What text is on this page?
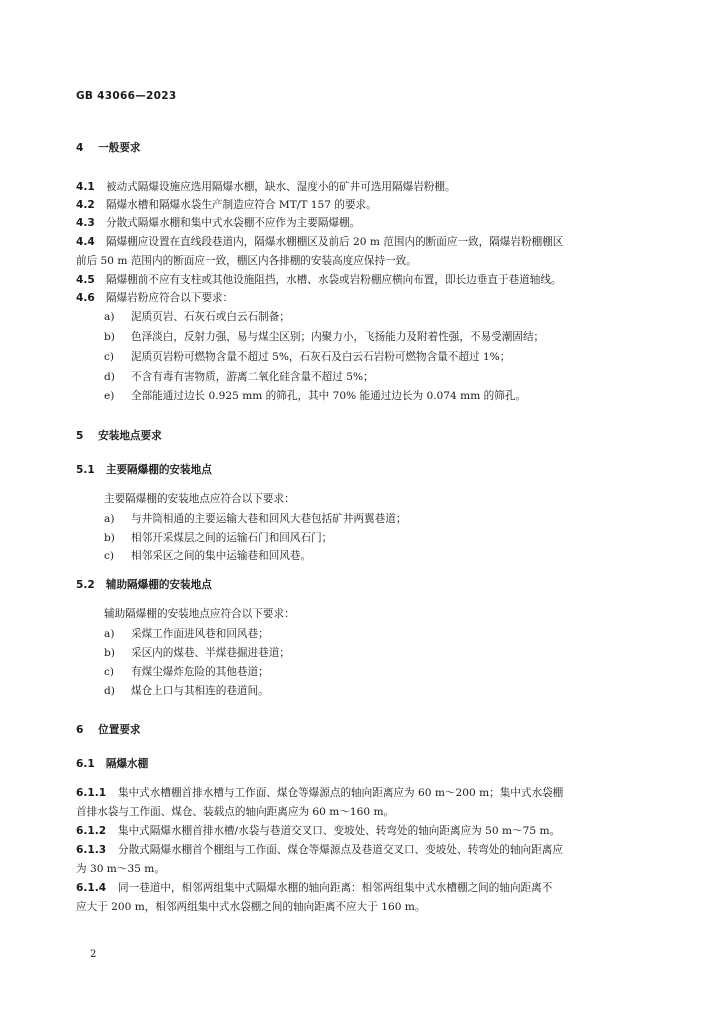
GB 43066—2023
4 一般要求
4.1 被动式隔爆设施应选用隔爆水棚，缺水、湿度小的矿井可选用隔爆岩粉棚。
4.2 隔爆水槽和隔爆水袋生产制造应符合 MT/T 157 的要求。
4.3 分散式隔爆水棚和集中式水袋棚不应作为主要隔爆棚。
4.4 隔爆棚应设置在直线段巷道内，隔爆水棚棚区及前后 20 m 范围内的断面应一致，隔爆岩粉棚棚区
前后 50 m 范围内的断面应一致，棚区内各排棚的安装高度应保持一致。
4.5 隔爆棚前不应有支柱或其他设施阻挡，水槽、水袋或岩粉棚应横向布置，即长边垂直于巷道轴线。
4.6 隔爆岩粉应符合以下要求：
a) 泥质页岩、石灰石或白云石制备；
b) 色泽淡白，反射力强，易与煤尘区别；内聚力小，飞扬能力及附着性强，不易受潮固结；
c) 泥质页岩粉可燃物含量不超过 5%，石灰石及白云石岩粉可燃物含量不超过 1%；
d) 不含有毒有害物质，游离二氧化硅含量不超过 5%；
e) 全部能通过边长 0.925 mm 的筛孔，其中 70% 能通过边长为 0.074 mm 的筛孔。
5 安装地点要求
5.1 主要隔爆棚的安装地点
主要隔爆棚的安装地点应符合以下要求：
a) 与井筒相通的主要运输大巷和回风大巷包括矿井两翼巷道；
b) 相邻开采煤层之间的运输石门和回风石门；
c) 相邻采区之间的集中运输巷和回风巷。
5.2 辅助隔爆棚的安装地点
辅助隔爆棚的安装地点应符合以下要求：
a) 采煤工作面进风巷和回风巷；
b) 采区内的煤巷、半煤巷掘进巷道；
c) 有煤尘爆炸危险的其他巷道；
d) 煤仓上口与其相连的巷道间。
6 位置要求
6.1 隔爆水棚
6.1.1 集中式水槽棚首排水槽与工作面、煤仓等爆源点的轴向距离应为 60 m～200 m；集中式水袋棚
首排水袋与工作面、煤仓、装载点的轴向距离应为 60 m～160 m。
6.1.2 集中式隔爆水棚首排水槽/水袋与巷道交叉口、变坡处、转弯处的轴向距离应为 50 m～75 m。
6.1.3 分散式隔爆水棚首个棚组与工作面、煤仓等爆源点及巷道交叉口、变坡处、转弯处的轴向距离应
为 30 m～35 m。
6.1.4 同一巷道中，相邻两组集中式隔爆水棚的轴向距离：相邻两组集中式水槽棚之间的轴向距离不
应大于 200 m，相邻两组集中式水袋棚之间的轴向距离不应大于 160 m。
2
